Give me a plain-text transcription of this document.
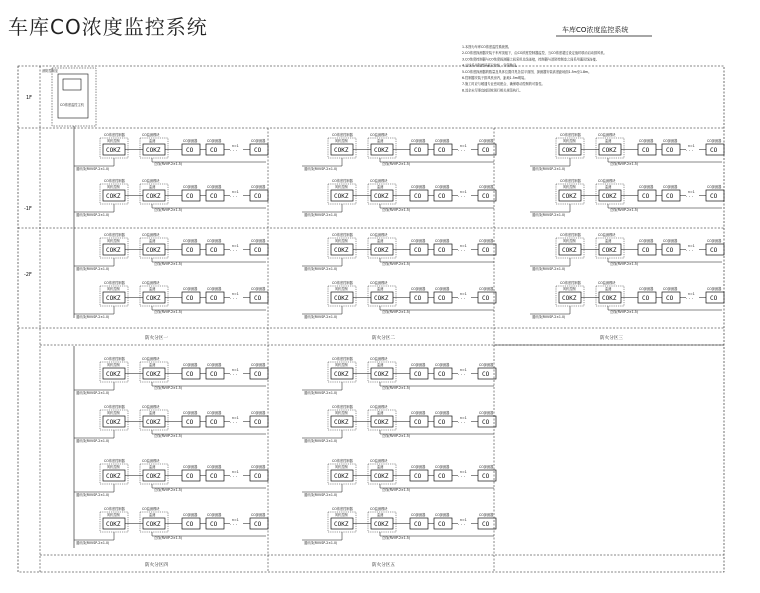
车库CO浓度监控系统	车库CO浓度监控系统
1.本图为车库CO浓度监控系统图。
2.CO浓度探测器安装于车库顶板下，由CO浓度控制器监控，当CO浓度超过设定值时联动启动排风机。
3.CO浓度控制器与CO浓度探测器之间采用总线连接，控制器与消防控制室之间采用通讯线连接。
4.总线采用阻燃屏蔽双绞线，穿管敷设。
5.CO浓度探测器的数量及具体位置详见各层平面图，探测器安装高度距地面1.5m至1.8m。
6.控制器安装于排风机房内，距地1.5m明装。
7.施工时应与暖通专业密切配合，确保联动控制的可靠性。
8.其余未尽事宜按国家现行相关规范执行。
1F
-1F
-2F
消防控制室
CO浓度监控主机
CO浓度控制器
风机控制
COKZ
CO监测模块
监测
COKZ
CO探测器
CO
CO探测器
CO
CO探测器
CO
n=1
· · ·
总线(RVVP-2×1.5)
通讯线(RVVSP-2×1.0)
CO浓度控制器
风机控制
COKZ
CO监测模块
监测
COKZ
CO探测器
CO
CO探测器
CO
CO探测器
CO
n=1
· · ·
总线(RVVP-2×1.5)
通讯线(RVVSP-2×1.0)
CO浓度控制器
风机控制
COKZ
CO监测模块
监测
COKZ
CO探测器
CO
CO探测器
CO
CO探测器
CO
n=1
· · ·
总线(RVVP-2×1.5)
通讯线(RVVSP-2×1.0)
CO浓度控制器
风机控制
COKZ
CO监测模块
监测
COKZ
CO探测器
CO
CO探测器
CO
CO探测器
CO
n=1
· · ·
总线(RVVP-2×1.5)
通讯线(RVVSP-2×1.0)
CO浓度控制器
风机控制
COKZ
CO监测模块
监测
COKZ
CO探测器
CO
CO探测器
CO
CO探测器
CO
n=1
· · ·
总线(RVVP-2×1.5)
通讯线(RVVSP-2×1.0)
CO浓度控制器
风机控制
COKZ
CO监测模块
监测
COKZ
CO探测器
CO
CO探测器
CO
CO探测器
CO
n=1
· · ·
总线(RVVP-2×1.5)
通讯线(RVVSP-2×1.0)
CO浓度控制器
风机控制
COKZ
CO监测模块
监测
COKZ
CO探测器
CO
CO探测器
CO
CO探测器
CO
n=1
· · ·
总线(RVVP-2×1.5)
通讯线(RVVSP-2×1.0)
CO浓度控制器
风机控制
COKZ
CO监测模块
监测
COKZ
CO探测器
CO
CO探测器
CO
CO探测器
CO
n=1
· · ·
总线(RVVP-2×1.5)
通讯线(RVVSP-2×1.0)
CO浓度控制器
风机控制
COKZ
CO监测模块
监测
COKZ
CO探测器
CO
CO探测器
CO
CO探测器
CO
n=1
· · ·
总线(RVVP-2×1.5)
通讯线(RVVSP-2×1.0)
CO浓度控制器
风机控制
COKZ
CO监测模块
监测
COKZ
CO探测器
CO
CO探测器
CO
CO探测器
CO
n=1
· · ·
总线(RVVP-2×1.5)
通讯线(RVVSP-2×1.0)
CO浓度控制器
风机控制
COKZ
CO监测模块
监测
COKZ
CO探测器
CO
CO探测器
CO
CO探测器
CO
n=1
· · ·
总线(RVVP-2×1.5)
通讯线(RVVSP-2×1.0)
CO浓度控制器
风机控制
COKZ
CO监测模块
监测
COKZ
CO探测器
CO
CO探测器
CO
CO探测器
CO
n=1
· · ·
总线(RVVP-2×1.5)
通讯线(RVVSP-2×1.0)
CO浓度控制器
风机控制
COKZ
CO监测模块
监测
COKZ
CO探测器
CO
CO探测器
CO
CO探测器
CO
n=1
· · ·
总线(RVVP-2×1.5)
通讯线(RVVSP-2×1.0)
CO浓度控制器
风机控制
COKZ
CO监测模块
监测
COKZ
CO探测器
CO
CO探测器
CO
CO探测器
CO
n=1
· · ·
总线(RVVP-2×1.5)
通讯线(RVVSP-2×1.0)
CO浓度控制器
风机控制
COKZ
CO监测模块
监测
COKZ
CO探测器
CO
CO探测器
CO
CO探测器
CO
n=1
· · ·
总线(RVVP-2×1.5)
通讯线(RVVSP-2×1.0)
CO浓度控制器
风机控制
COKZ
CO监测模块
监测
COKZ
CO探测器
CO
CO探测器
CO
CO探测器
CO
n=1
· · ·
总线(RVVP-2×1.5)
通讯线(RVVSP-2×1.0)
CO浓度控制器
风机控制
COKZ
CO监测模块
监测
COKZ
CO探测器
CO
CO探测器
CO
CO探测器
CO
n=1
· · ·
总线(RVVP-2×1.5)
通讯线(RVVSP-2×1.0)
CO浓度控制器
风机控制
COKZ
CO监测模块
监测
COKZ
CO探测器
CO
CO探测器
CO
CO探测器
CO
n=1
· · ·
总线(RVVP-2×1.5)
通讯线(RVVSP-2×1.0)
CO浓度控制器
风机控制
COKZ
CO监测模块
监测
COKZ
CO探测器
CO
CO探测器
CO
CO探测器
CO
n=1
· · ·
总线(RVVP-2×1.5)
通讯线(RVVSP-2×1.0)
CO浓度控制器
风机控制
COKZ
CO监测模块
监测
COKZ
CO探测器
CO
CO探测器
CO
CO探测器
CO
n=1
· · ·
总线(RVVP-2×1.5)
通讯线(RVVSP-2×1.0)
防火分区一	防火分区二	防火分区三
防火分区四	防火分区五
